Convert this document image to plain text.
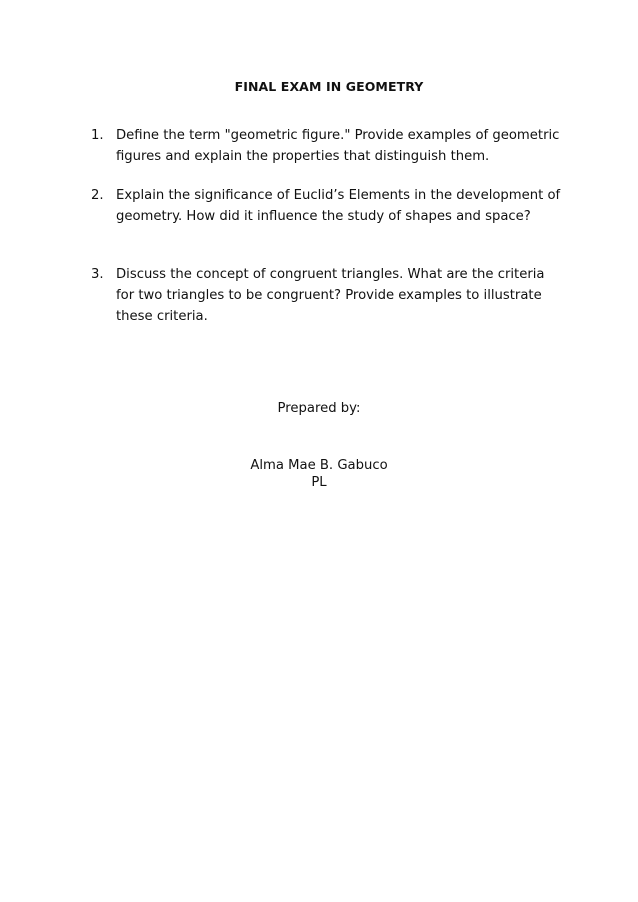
FINAL EXAM IN GEOMETRY
1. Define the term "geometric figure." Provide examples of geometric figures and explain the properties that distinguish them.
2. Explain the significance of Euclid’s Elements in the development of geometry. How did it influence the study of shapes and space?
3. Discuss the concept of congruent triangles. What are the criteria for two triangles to be congruent? Provide examples to illustrate these criteria.
Prepared by:
Alma Mae B. Gabuco
PL
